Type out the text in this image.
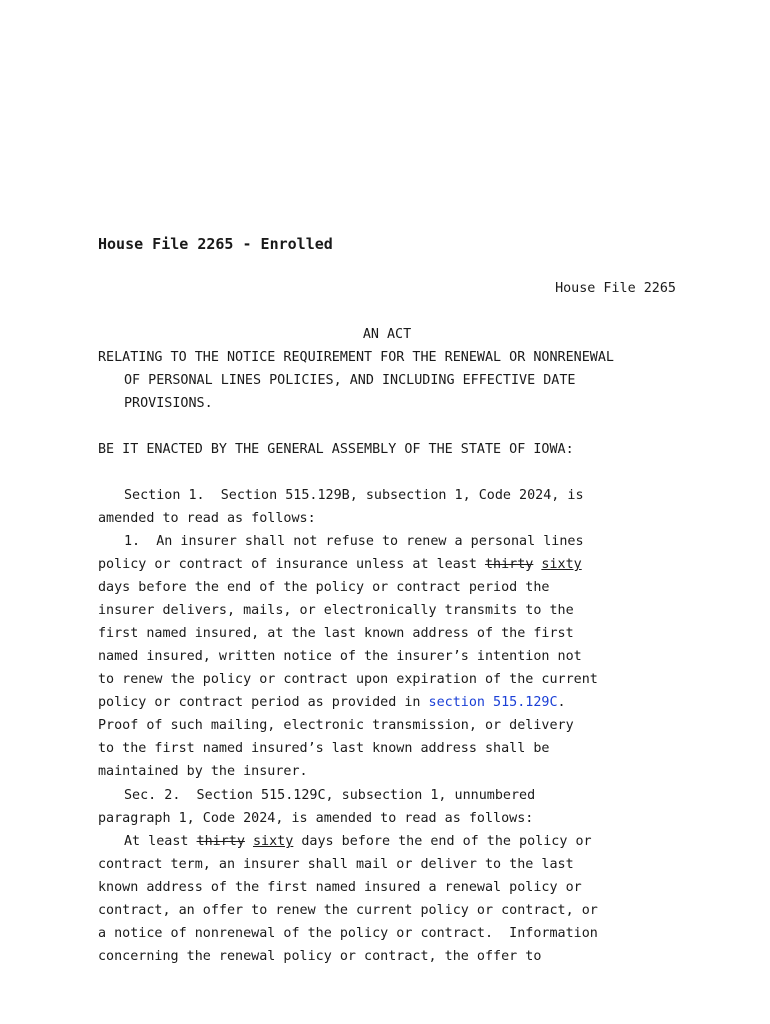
House File 2265 - Enrolled
House File 2265
AN ACT
RELATING TO THE NOTICE REQUIREMENT FOR THE RENEWAL OR NONRENEWAL
OF PERSONAL LINES POLICIES, AND INCLUDING EFFECTIVE DATE
PROVISIONS.
BE IT ENACTED BY THE GENERAL ASSEMBLY OF THE STATE OF IOWA:
Section 1.  Section 515.129B, subsection 1, Code 2024, is
amended to read as follows:
1.  An insurer shall not refuse to renew a personal lines
policy or contract of insurance unless at least thirty sixty
days before the end of the policy or contract period the
insurer delivers, mails, or electronically transmits to the
first named insured, at the last known address of the first
named insured, written notice of the insurer’s intention not
to renew the policy or contract upon expiration of the current
policy or contract period as provided in section 515.129C.
Proof of such mailing, electronic transmission, or delivery
to the first named insured’s last known address shall be
maintained by the insurer.
Sec. 2.  Section 515.129C, subsection 1, unnumbered
paragraph 1, Code 2024, is amended to read as follows:
At least thirty sixty days before the end of the policy or
contract term, an insurer shall mail or deliver to the last
known address of the first named insured a renewal policy or
contract, an offer to renew the current policy or contract, or
a notice of nonrenewal of the policy or contract.  Information
concerning the renewal policy or contract, the offer to
